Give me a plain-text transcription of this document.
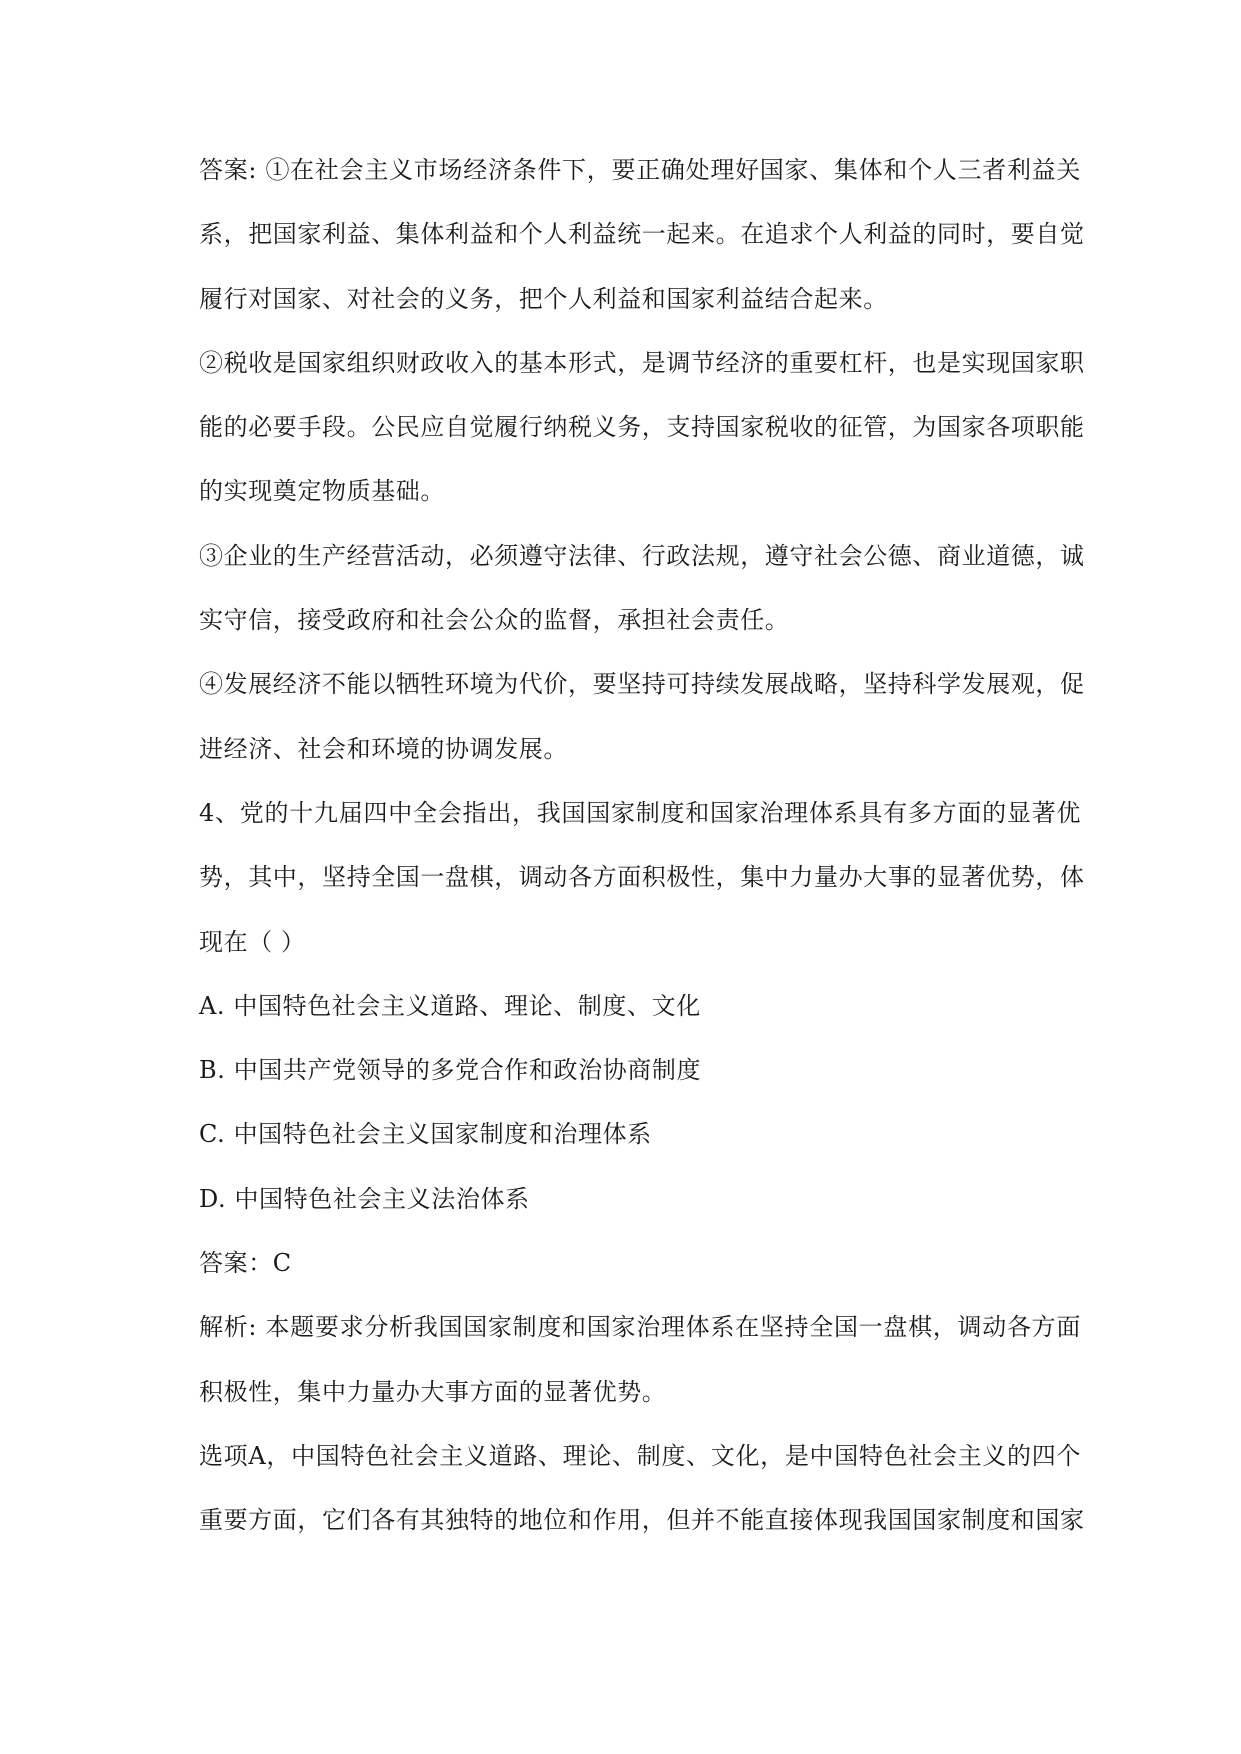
答案: ①在社会主义市场经济条件下，要正确处理好国家、集体和个人三者利益关
系，把国家利益、集体利益和个人利益统一起来。在追求个人利益的同时，要自觉
履行对国家、对社会的义务，把个人利益和国家利益结合起来。
②税收是国家组织财政收入的基本形式，是调节经济的重要杠杆，也是实现国家职
能的必要手段。公民应自觉履行纳税义务，支持国家税收的征管，为国家各项职能
的实现奠定物质基础。
③企业的生产经营活动，必须遵守法律、行政法规，遵守社会公德、商业道德，诚
实守信，接受政府和社会公众的监督，承担社会责任。
④发展经济不能以牺牲环境为代价，要坚持可持续发展战略，坚持科学发展观，促
进经济、社会和环境的协调发展。
4、党的十九届四中全会指出，我国国家制度和国家治理体系具有多方面的显著优
势，其中，坚持全国一盘棋，调动各方面积极性，集中力量办大事的显著优势，体
现在（ ）
A. 中国特色社会主义道路、理论、制度、文化
B. 中国共产党领导的多党合作和政治协商制度
C. 中国特色社会主义国家制度和治理体系
D. 中国特色社会主义法治体系
答案：C
解析: 本题要求分析我国国家制度和国家治理体系在坚持全国一盘棋，调动各方面
积极性，集中力量办大事方面的显著优势。
选项A，中国特色社会主义道路、理论、制度、文化，是中国特色社会主义的四个
重要方面，它们各有其独特的地位和作用，但并不能直接体现我国国家制度和国家
